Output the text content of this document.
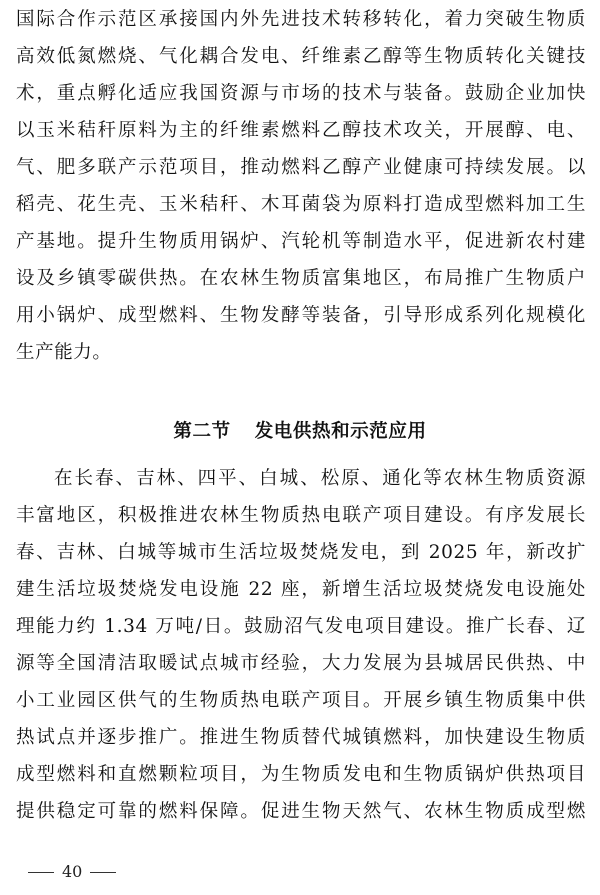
国际合作示范区承接国内外先进技术转移转化，着力突破生物质
高效低氮燃烧、气化耦合发电、纤维素乙醇等生物质转化关键技
术，重点孵化适应我国资源与市场的技术与装备。鼓励企业加快
以玉米秸秆原料为主的纤维素燃料乙醇技术攻关，开展醇、电、
气、肥多联产示范项目，推动燃料乙醇产业健康可持续发展。以
稻壳、花生壳、玉米秸秆、木耳菌袋为原料打造成型燃料加工生
产基地。提升生物质用锅炉、汽轮机等制造水平，促进新农村建
设及乡镇零碳供热。在农林生物质富集地区，布局推广生物质户
用小锅炉、成型燃料、生物发酵等装备，引导形成系列化规模化
生产能力。
第二节 发电供热和示范应用
在长春、吉林、四平、白城、松原、通化等农林生物质资源
丰富地区，积极推进农林生物质热电联产项目建设。有序发展长
春、吉林、白城等城市生活垃圾焚烧发电，到 2025 年，新改扩
建生活垃圾焚烧发电设施 22 座，新增生活垃圾焚烧发电设施处
理能力约 1.34 万吨/日。鼓励沼气发电项目建设。推广长春、辽
源等全国清洁取暖试点城市经验，大力发展为县城居民供热、中
小工业园区供气的生物质热电联产项目。开展乡镇生物质集中供
热试点并逐步推广。推进生物质替代城镇燃料，加快建设生物质
成型燃料和直燃颗粒项目，为生物质发电和生物质锅炉供热项目
提供稳定可靠的燃料保障。促进生物天然气、农林生物质成型燃
40
